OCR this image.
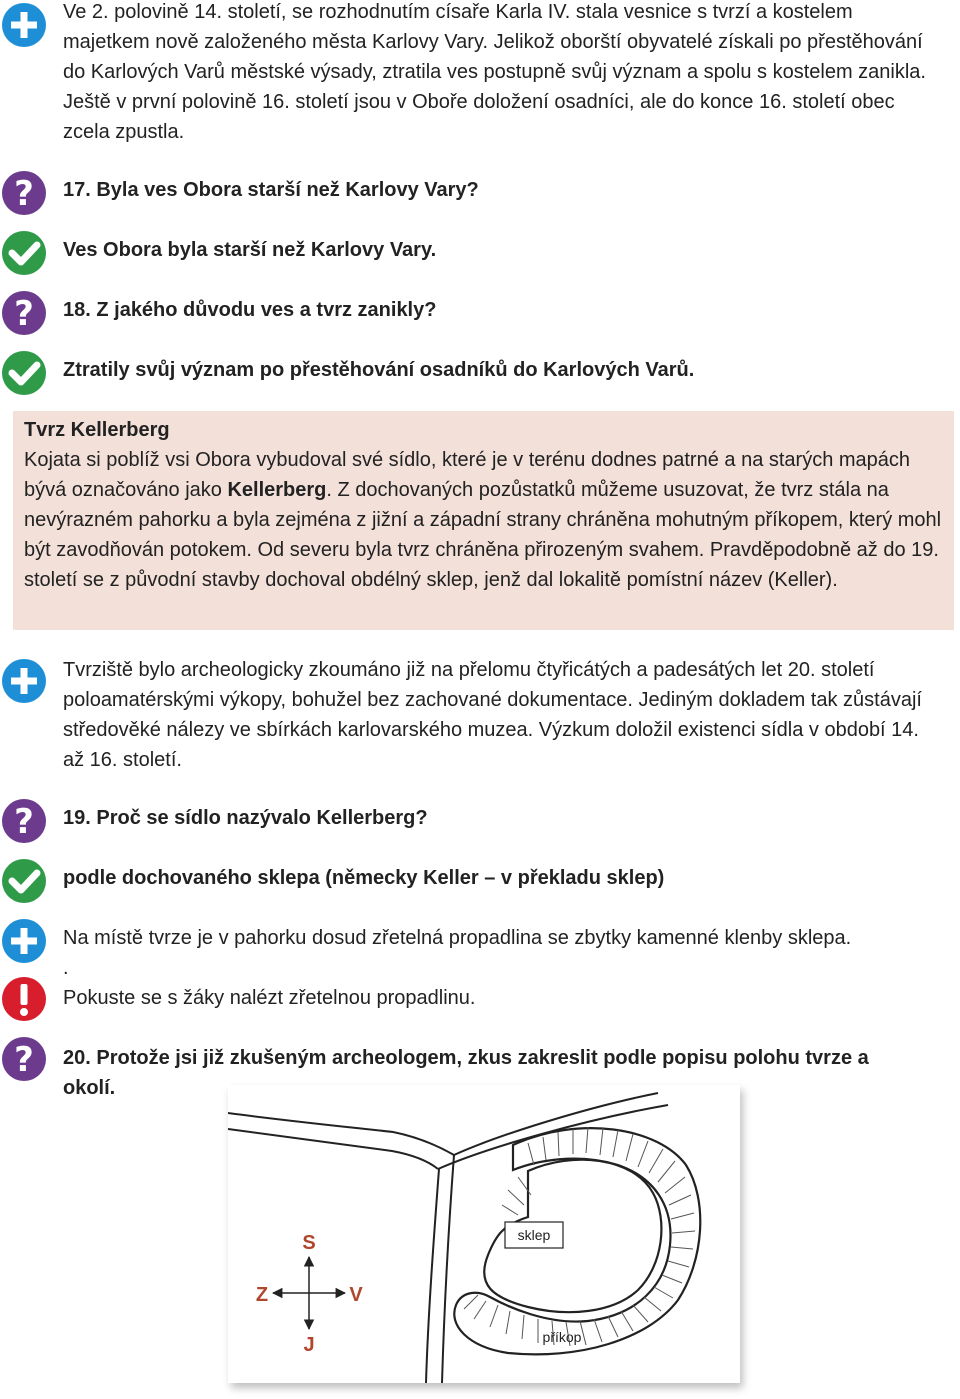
Ve 2. polovině 14. století, se rozhodnutím císaře Karla IV. stala vesnice s tvrzí a kostelem majetkem nově založeného města Karlovy Vary. Jelikož oborští obyvatelé získali po přestěhování do Karlových Varů městské výsady, ztratila ves postupně svůj význam a spolu s kostelem zanikla. Ještě v první polovině 16. století jsou v Oboře doložení osadníci, ale do konce 16. století obec zcela zpustla.
? 17. Byla ves Obora starší než Karlovy Vary?
Ves Obora byla starší než Karlovy Vary.
? 18. Z jakého důvodu ves a tvrz zanikly?
Ztratily svůj význam po přestěhování osadníků do Karlových Varů.
Tvrz Kellerberg
Kojata si poblíž vsi Obora vybudoval své sídlo, které je v terénu dodnes patrné a na starých mapách bývá označováno jako Kellerberg. Z dochovaných pozůstatků můžeme usuzovat, že tvrz stála na nevýrazném pahorku a byla zejména z jižní a západní strany chráněna mohutným příkopem, který mohl být zavodňován potokem. Od severu byla tvrz chráněna přirozeným svahem. Pravděpodobně až do 19. století se z původní stavby dochoval obdélný sklep, jenž dal lokalitě pomístní název (Keller).
Tvrziště bylo archeologicky zkoumáno již na přelomu čtyřicátých a padesátých let 20. století poloamatérskými výkopy, bohužel bez zachované dokumentace. Jediným dokladem tak zůstávají středověké nálezy ve sbírkách karlovarského muzea. Výzkum doložil existenci sídla v období 14. až 16. století.
? 19. Proč se sídlo nazývalo Kellerberg?
podle dochovaného sklepa (německy Keller – v překladu sklep)
Na místě tvrze je v pahorku dosud zřetelná propadlina se zbytky kamenné klenby sklepa.
.
Pokuste se s žáky nalézt zřetelnou propadlinu.
? 20. Protože jsi již zkušeným archeologem, zkus zakreslit podle popisu polohu tvrze a okolí.
sklep
příkop
S
J
Z	V
